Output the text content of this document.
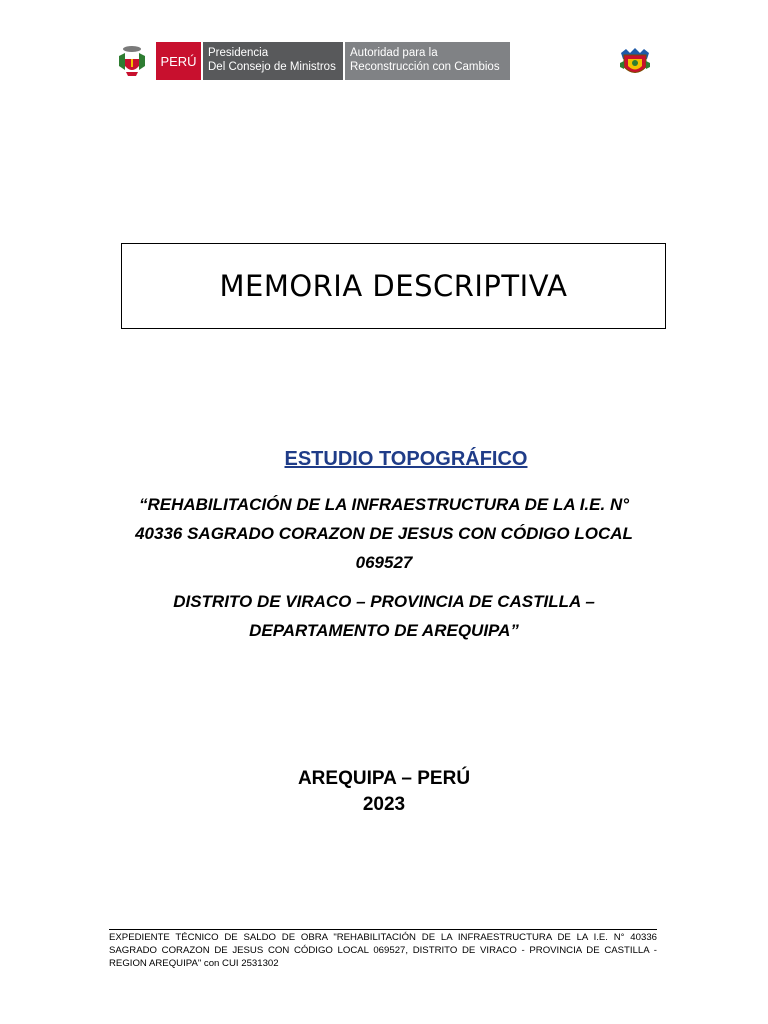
PERÚ
Presidencia
Del Consejo de Ministros
Autoridad para la
Reconstrucción con Cambios
MEMORIA DESCRIPTIVA
ESTUDIO TOPOGRÁFICO
“REHABILITACIÓN DE LA INFRAESTRUCTURA DE LA I.E. N°
40336 SAGRADO CORAZON DE JESUS CON CÓDIGO LOCAL
069527
DISTRITO DE VIRACO – PROVINCIA DE CASTILLA –
DEPARTAMENTO DE AREQUIPA”
AREQUIPA – PERÚ
2023
EXPEDIENTE TÉCNICO DE SALDO DE OBRA "REHABILITACIÓN DE LA INFRAESTRUCTURA DE LA I.E. N° 40336 SAGRADO CORAZON DE JESUS CON CÓDIGO LOCAL 069527, DISTRITO DE VIRACO - PROVINCIA DE CASTILLA - REGION AREQUIPA" con CUI 2531302
